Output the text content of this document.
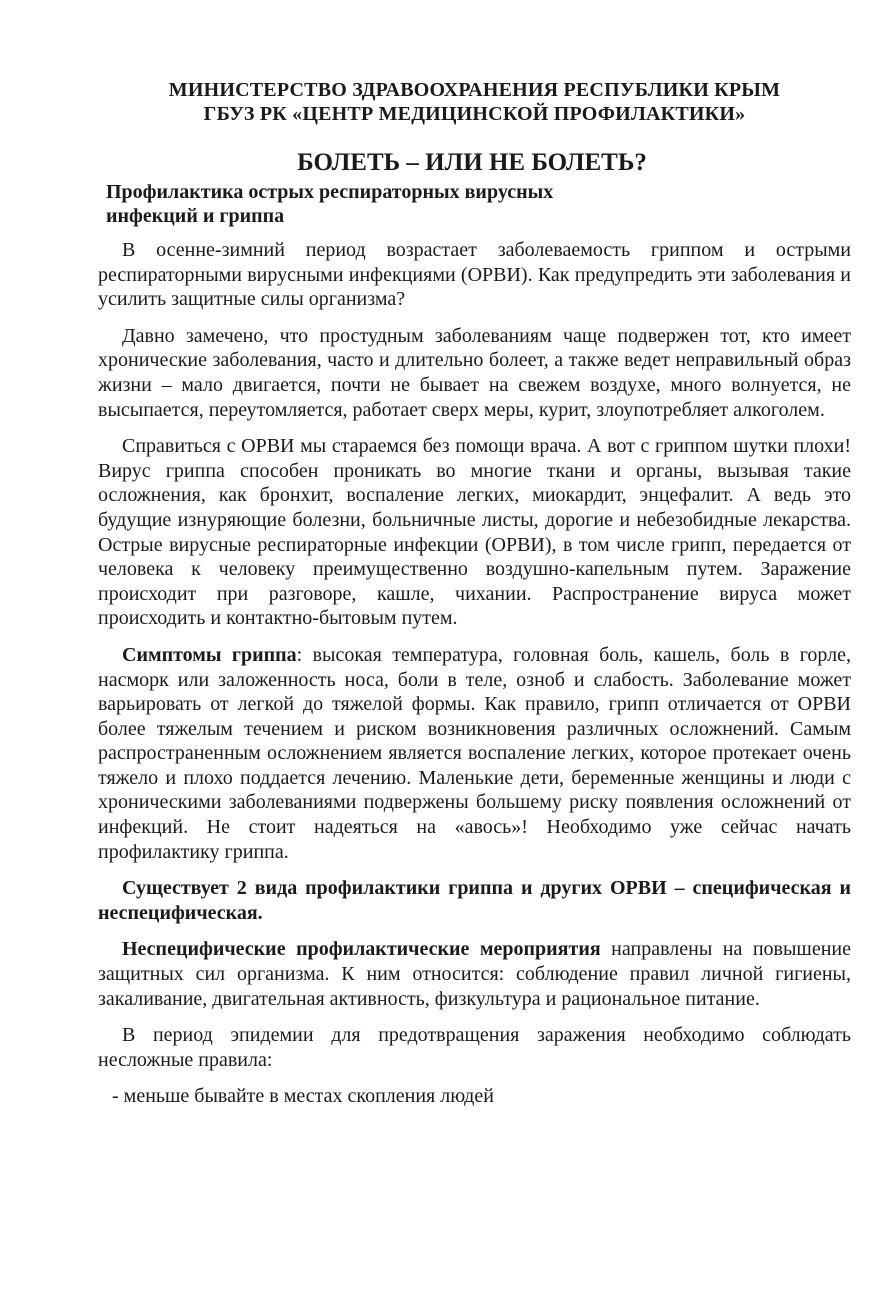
МИНИСТЕРСТВО ЗДРАВООХРАНЕНИЯ РЕСПУБЛИКИ КРЫМ
ГБУЗ РК «ЦЕНТР МЕДИЦИНСКОЙ ПРОФИЛАКТИКИ»
БОЛЕТЬ – ИЛИ НЕ БОЛЕТЬ?
Профилактика острых респираторных вирусных инфекций и гриппа

В осенне-зимний период возрастает заболеваемость гриппом и острыми респираторными вирусными инфекциями (ОРВИ). Как предупредить эти заболевания и усилить защитные силы организма?

Давно замечено, что простудным заболеваниям чаще подвержен тот, кто имеет хронические заболевания, часто и длительно болеет, а также ведет неправильный образ жизни – мало двигается, почти не бывает на свежем воздухе, много волнуется, не высыпается, переутомляется, работает сверх меры, курит, злоупотребляет алкоголем.

Справиться с ОРВИ мы стараемся без помощи врача. А вот с гриппом шутки плохи! Вирус гриппа способен проникать во многие ткани и органы, вызывая такие осложнения, как бронхит, воспаление легких, миокардит, энцефалит. А ведь это будущие изнуряющие болезни, больничные листы, дорогие и небезобидные лекарства. Острые вирусные респираторные инфекции (ОРВИ), в том числе грипп, передается от человека к человеку преимущественно воздушно-капельным путем. Заражение происходит при разговоре, кашле, чихании. Распространение вируса может происходить и контактно-бытовым путем.

Симптомы гриппа: высокая температура, головная боль, кашель, боль в горле, насморк или заложенность носа, боли в теле, озноб и слабость. Заболевание может варьировать от легкой до тяжелой формы. Как правило, грипп отличается от ОРВИ более тяжелым течением и риском возникновения различных осложнений. Самым распространенным осложнением является воспаление легких, которое протекает очень тяжело и плохо поддается лечению. Маленькие дети, беременные женщины и люди с хроническими заболеваниями подвержены большему риску появления осложнений от инфекций. Не стоит надеяться на «авось»! Необходимо уже сейчас начать профилактику гриппа.

Существует 2 вида профилактики гриппа и других ОРВИ – специфическая и неспецифическая.

Неспецифические профилактические мероприятия направлены на повышение защитных сил организма. К ним относится: соблюдение правил личной гигиены, закаливание, двигательная активность, физкультура и рациональное питание.

В период эпидемии для предотвращения заражения необходимо соблюдать несложные правила:

- меньше бывайте в местах скопления людей
